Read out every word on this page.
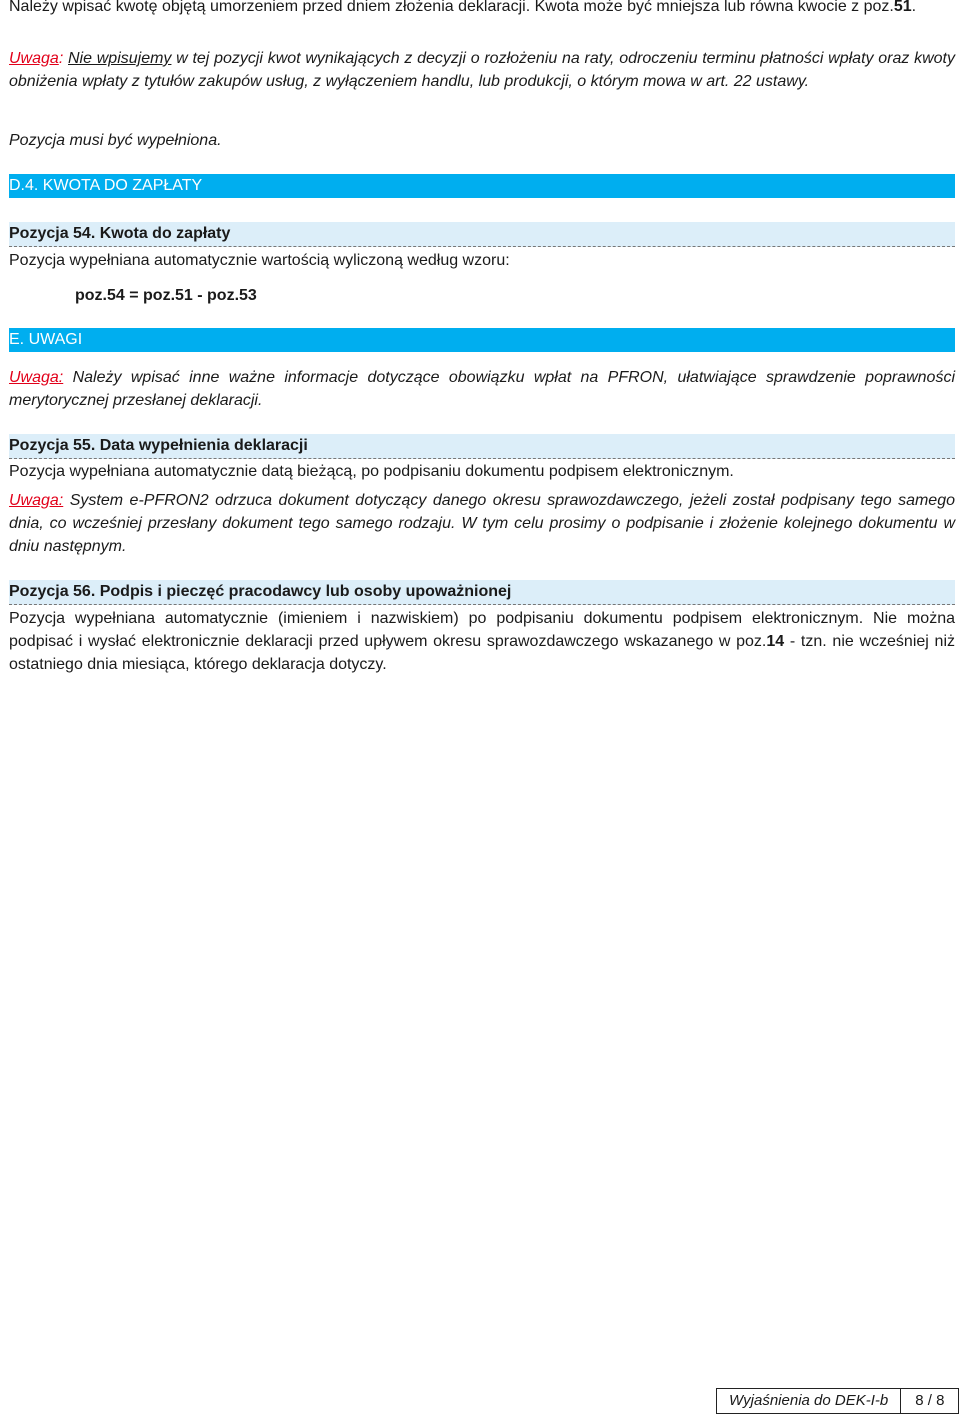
Należy wpisać kwotę objętą umorzeniem przed dniem złożenia deklaracji. Kwota może być mniejsza lub równa kwocie z poz.51.

Uwaga: Nie wpisujemy w tej pozycji kwot wynikających z decyzji o rozłożeniu na raty, odroczeniu terminu płatności wpłaty oraz kwoty obniżenia wpłaty z tytułów zakupów usług, z wyłączeniem handlu, lub produkcji, o którym mowa w art. 22 ustawy.

Pozycja musi być wypełniona.

D.4. KWOTA DO ZAPŁATY
Pozycja 54. Kwota do zapłaty

Pozycja wypełniana automatycznie wartością wyliczoną według wzoru:

poz.54 = poz.51 - poz.53

E. UWAGI

Uwaga: Należy wpisać inne ważne informacje dotyczące obowiązku wpłat na PFRON, ułatwiające sprawdzenie poprawności merytorycznej przesłanej deklaracji.

Pozycja 55. Data wypełnienia deklaracji

Pozycja wypełniana automatycznie datą bieżącą, po podpisaniu dokumentu podpisem elektronicznym.

Uwaga: System e-PFRON2 odrzuca dokument dotyczący danego okresu sprawozdawczego, jeżeli został podpisany tego samego dnia, co wcześniej przesłany dokument tego samego rodzaju. W tym celu prosimy o podpisanie i złożenie kolejnego dokumentu w dniu następnym.

Pozycja 56. Podpis i pieczęć pracodawcy lub osoby upoważnionej

Pozycja wypełniana automatycznie (imieniem i nazwiskiem) po podpisaniu dokumentu podpisem elektronicznym. Nie można podpisać i wysłać elektronicznie deklaracji przed upływem okresu sprawozdawczego wskazanego w poz.14 - tzn. nie wcześniej niż ostatniego dnia miesiąca, którego deklaracja dotyczy.

Wyjaśnienia do DEK-I-b	8 / 8
